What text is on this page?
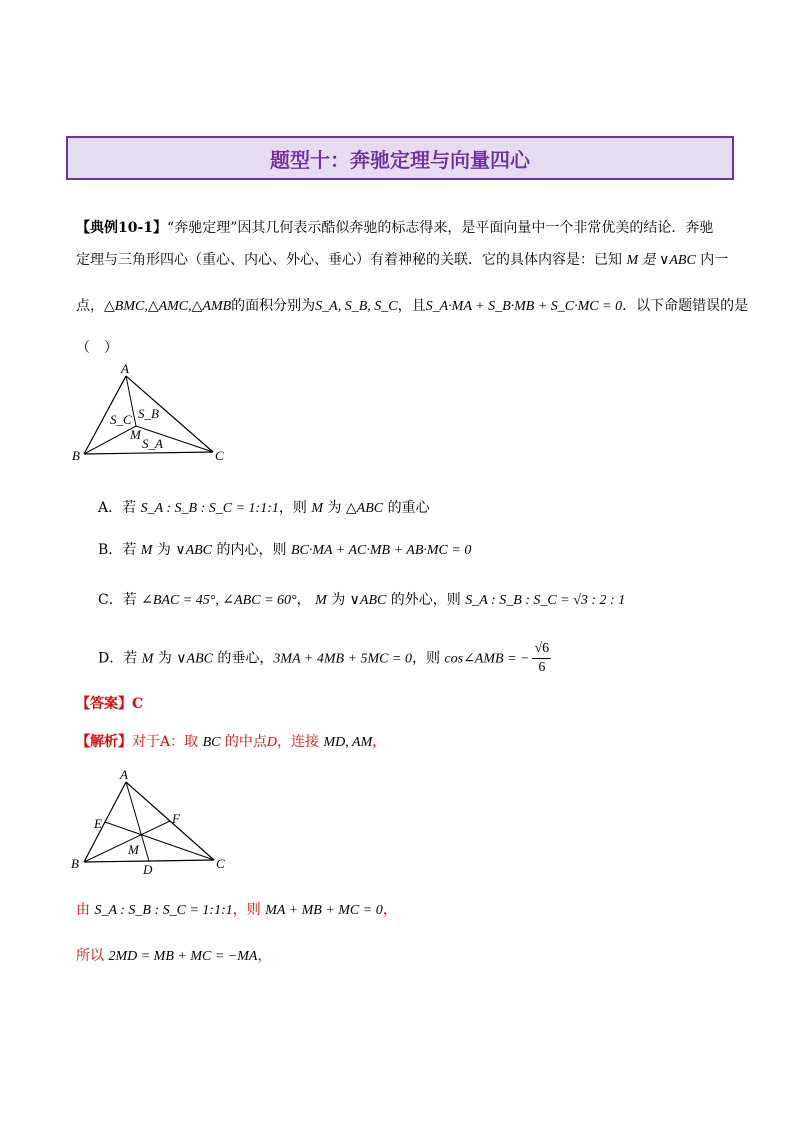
题型十：奔驰定理与向量四心
【典例10-1】“奔驰定理”因其几何表示酷似奔驰的标志得来，是平面向量中一个非常优美的结论．奔驰
定理与三角形四心（重心、内心、外心、垂心）有着神秘的关联．它的具体内容是：已知 M 是 ∨ABC 内一
点，△BMC,△AMC,△AMB的面积分别为S_A, S_B, S_C，且S_A·MA + S_B·MB + S_C·MC = 0．以下命题错误的是
（　）
A
B	C
M
S_C S_B
S_A
A．若 S_A : S_B : S_C = 1:1:1，则 M 为 △ABC 的重心
B．若 M 为 ∨ABC 的内心，则 BC·MA + AC·MB + AB·MC = 0
C．若 ∠BAC = 45°, ∠ABC = 60°， M 为 ∨ABC 的外心，则 S_A : S_B : S_C = √3 : 2 : 1
D．若 M 为 ∨ABC 的垂心，3MA + 4MB + 5MC = 0，则 cos∠AMB = − $\frac{√6}{6}$
【答案】C
【解析】对于A：取 BC 的中点D，连接 MD, AM，
A
B	C
M
D
E	F
由 S_A : S_B : S_C = 1:1:1，则 MA + MB + MC = 0，
所以 2MD = MB + MC = −MA，
